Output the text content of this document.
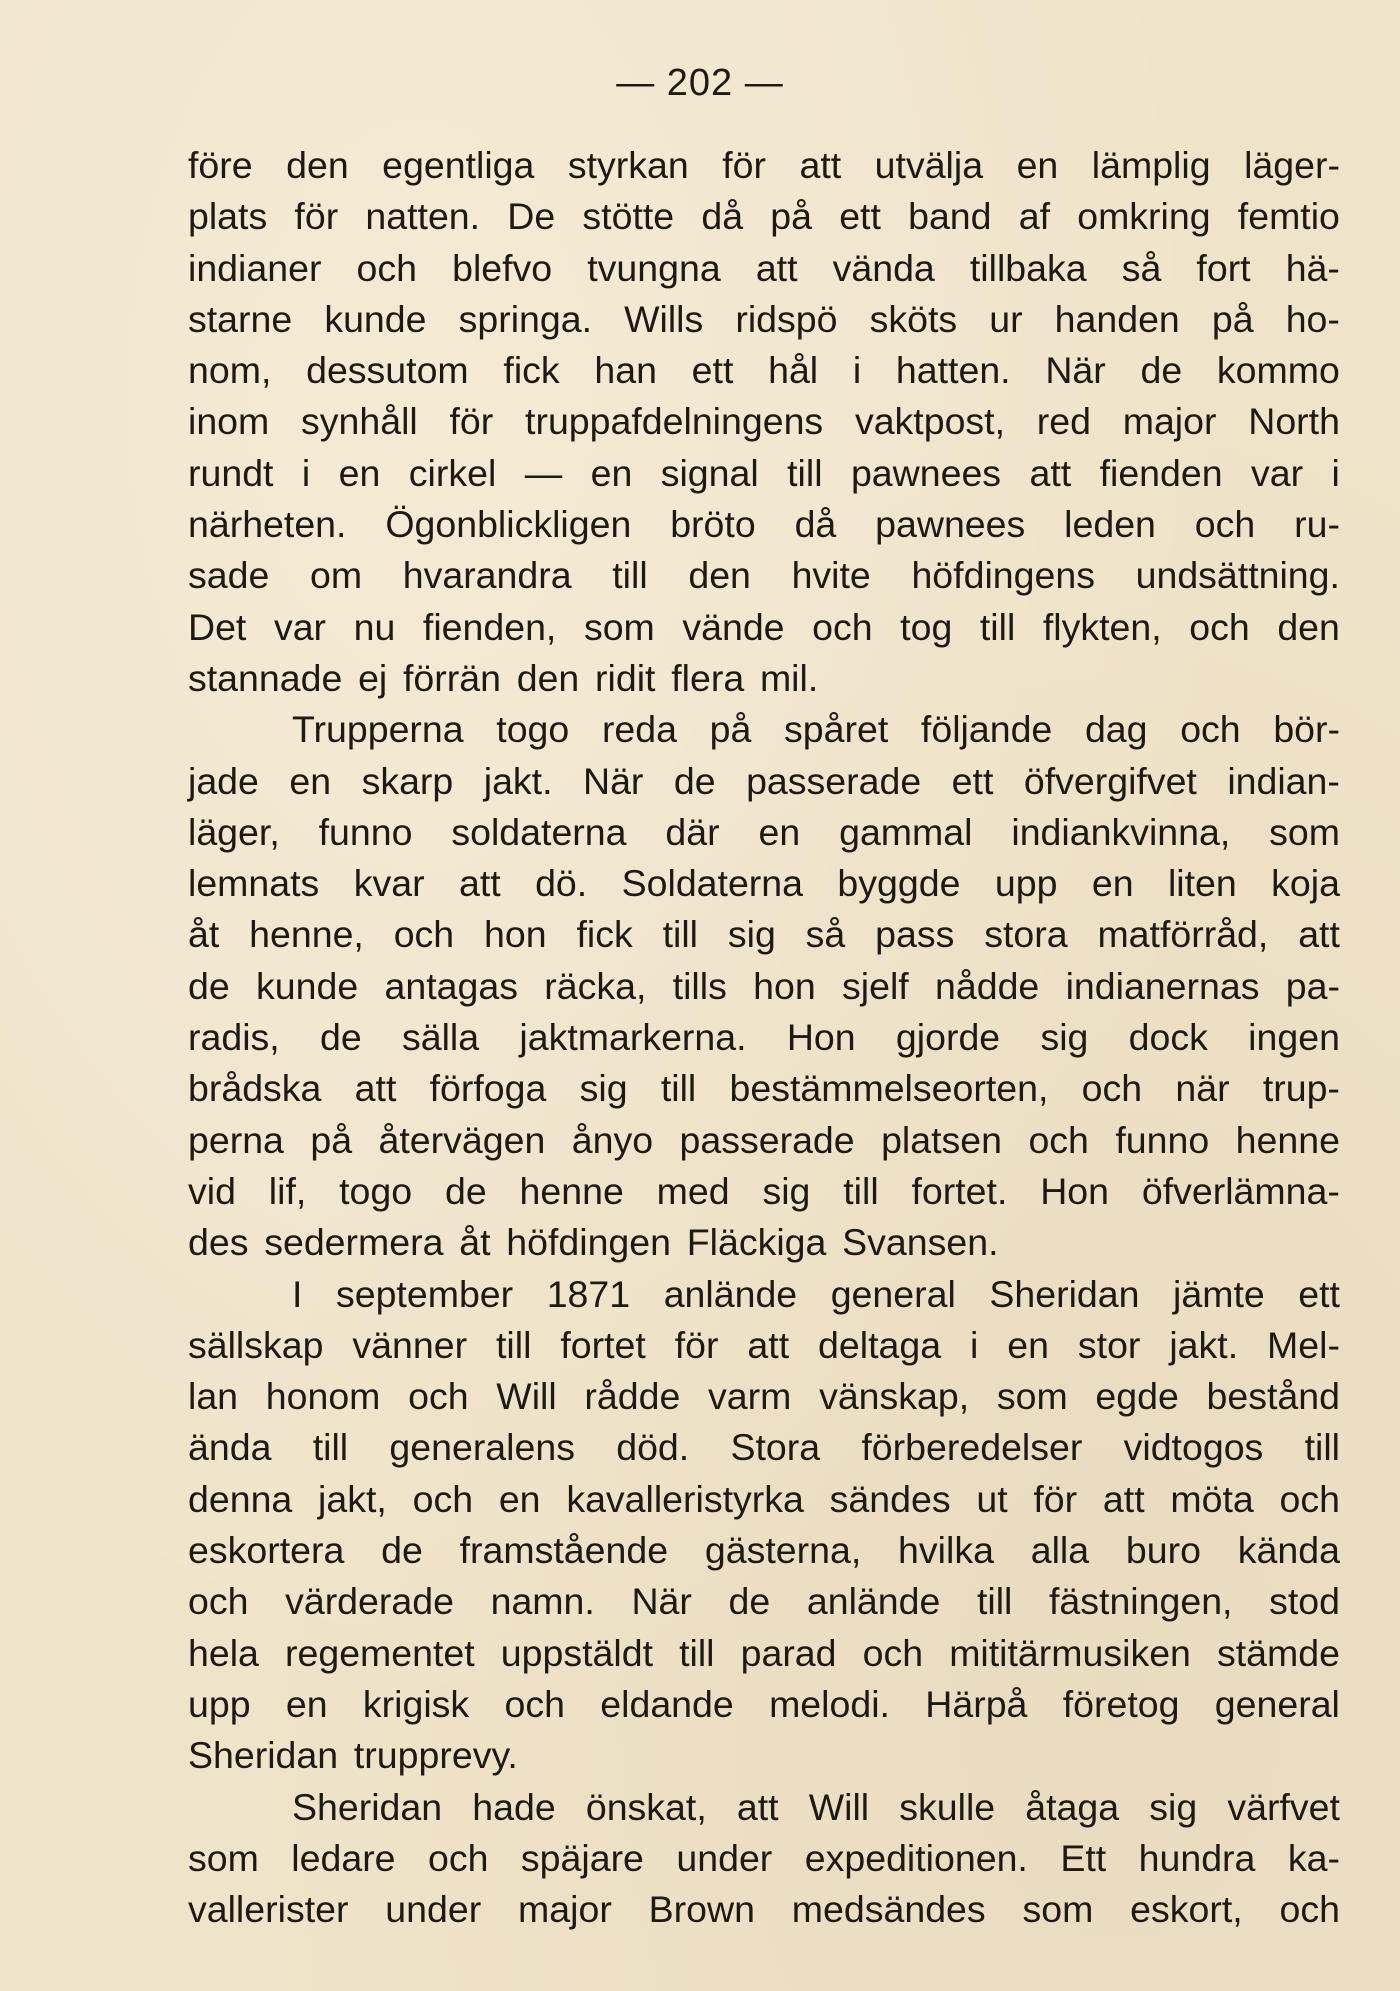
— 202 —
före den egentliga styrkan för att utvälja en lämplig läger-
plats för natten. De stötte då på ett band af omkring femtio
indianer och blefvo tvungna att vända tillbaka så fort hä-
starne kunde springa. Wills ridspö sköts ur handen på ho-
nom, dessutom fick han ett hål i hatten. När de kommo
inom synhåll för truppafdelningens vaktpost, red major North
rundt i en cirkel — en signal till pawnees att fienden var i
närheten. Ögonblickligen bröto då pawnees leden och ru-
sade om hvarandra till den hvite höfdingens undsättning.
Det var nu fienden, som vände och tog till flykten, och den
stannade ej förrän den ridit flera mil.
Trupperna togo reda på spåret följande dag och bör-
jade en skarp jakt. När de passerade ett öfvergifvet indian-
läger, funno soldaterna där en gammal indiankvinna, som
lemnats kvar att dö. Soldaterna byggde upp en liten koja
åt henne, och hon fick till sig så pass stora matförråd, att
de kunde antagas räcka, tills hon sjelf nådde indianernas pa-
radis, de sälla jaktmarkerna. Hon gjorde sig dock ingen
brådska att förfoga sig till bestämmelseorten, och när trup-
perna på återvägen ånyo passerade platsen och funno henne
vid lif, togo de henne med sig till fortet. Hon öfverlämna-
des sedermera åt höfdingen Fläckiga Svansen.
I september 1871 anlände general Sheridan jämte ett
sällskap vänner till fortet för att deltaga i en stor jakt. Mel-
lan honom och Will rådde varm vänskap, som egde bestånd
ända till generalens död. Stora förberedelser vidtogos till
denna jakt, och en kavalleristyrka sändes ut för att möta och
eskortera de framstående gästerna, hvilka alla buro kända
och värderade namn. När de anlände till fästningen, stod
hela regementet uppstäldt till parad och mititärmusiken stämde
upp en krigisk och eldande melodi. Härpå företog general
Sheridan trupprevy.
Sheridan hade önskat, att Will skulle åtaga sig värfvet
som ledare och späjare under expeditionen. Ett hundra ka-
vallerister under major Brown medsändes som eskort, och
